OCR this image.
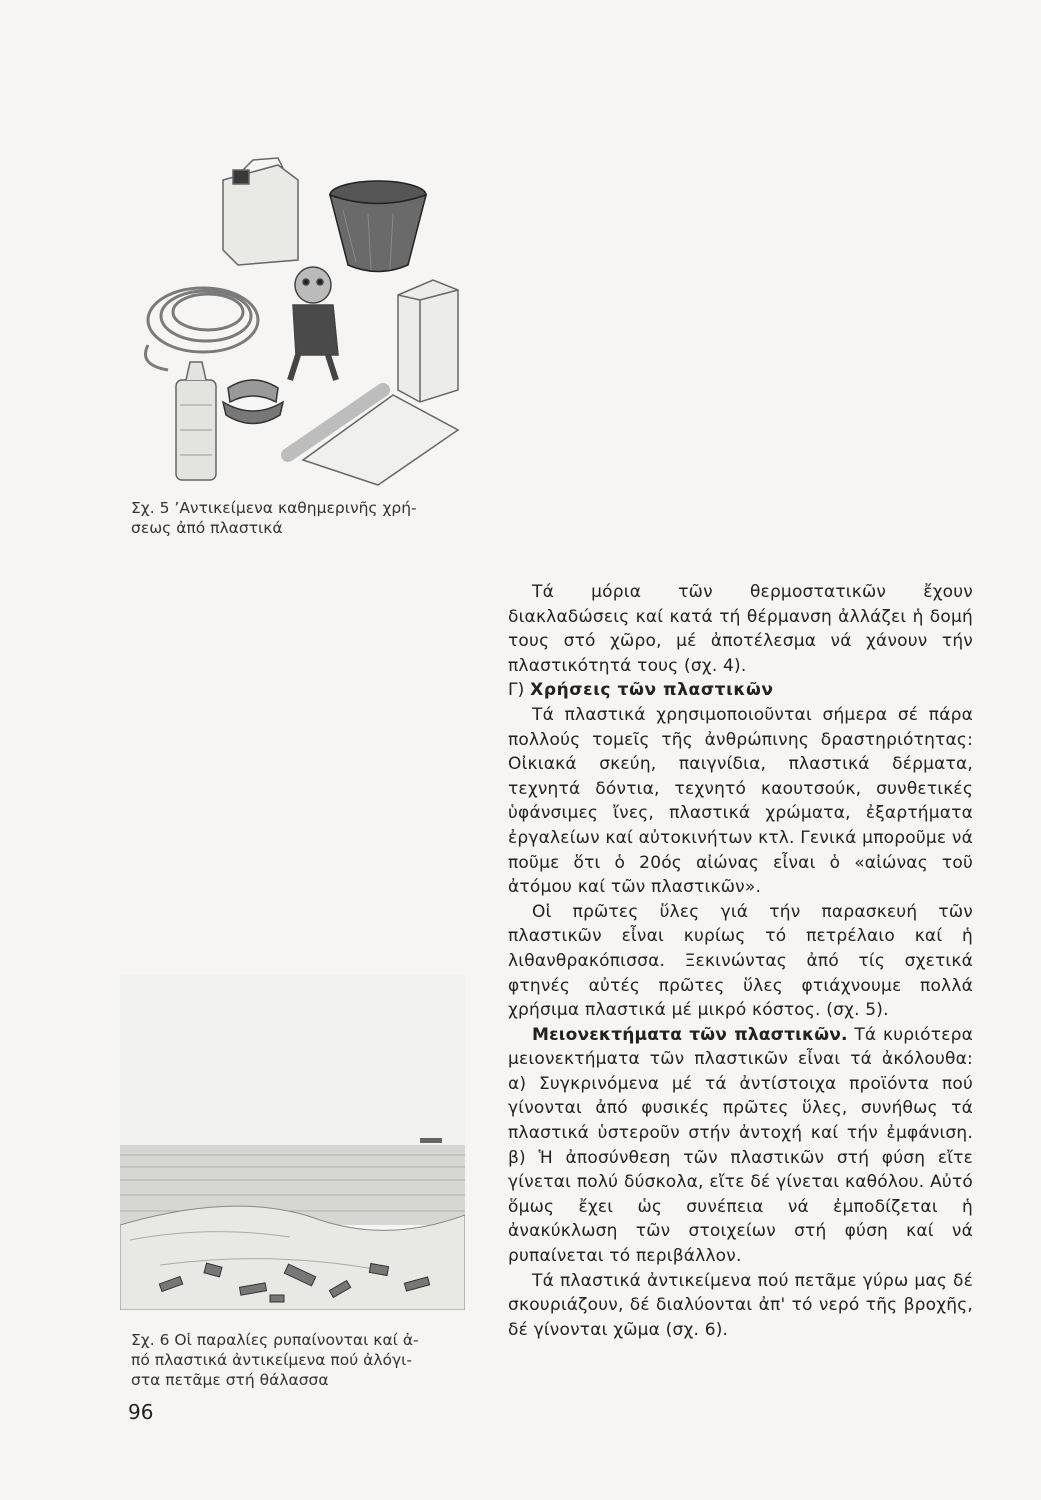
Σχ. 5 ’Αντικείμενα καθημερινῆς χρή-
σεως ἀπό πλαστικά
Σχ. 6 Οἱ παραλίες ρυπαίνονται καί ἀ-
πό πλαστικά ἀντικείμενα πού ἀλόγι-
στα πετᾶμε στή θάλασσα
96

Τά μόρια τῶν θερμοστατικῶν ἔχουν διακλαδώσεις καί κατά τή θέρμανση ἀλλάζει ἡ δομή τους στό χῶρο, μέ ἀποτέλεσμα νά χάνουν τήν πλαστικότητά τους (σχ. 4).

Γ) Χρήσεις τῶν πλαστικῶν

Τά πλαστικά χρησιμοποιοῦνται σήμερα σέ πάρα πολλούς τομεῖς τῆς ἀνθρώπινης δραστηριότητας: Οἰκιακά σκεύη, παιγνίδια, πλαστικά δέρματα, τεχνητά δόντια, τεχνητό καουτσούκ, συνθετικές ὑφάνσιμες ἴνες, πλαστικά χρώματα, ἐξαρτήματα ἐργαλείων καί αὐτοκινήτων κτλ. Γενικά μποροῦμε νά ποῦμε ὅτι ὁ 20ός αἰώνας εἶναι ὁ «αἰώνας τοῦ ἀτόμου καί τῶν πλαστικῶν».

Οἱ πρῶτες ὕλες γιά τήν παρασκευή τῶν πλαστικῶν εἶναι κυρίως τό πετρέλαιο καί ἡ λιθανθρακόπισσα. Ξεκινώντας ἀπό τίς σχετικά φτηνές αὐτές πρῶτες ὕλες φτιάχνουμε πολλά χρήσιμα πλαστικά μέ μικρό κόστος. (σχ. 5).

Μειονεκτήματα τῶν πλαστικῶν. Τά κυριότερα μειονεκτήματα τῶν πλαστικῶν εἶναι τά ἀκόλουθα: α) Συγκρινόμενα μέ τά ἀντίστοιχα προϊόντα πού γίνονται ἀπό φυσικές πρῶτες ὕλες, συνήθως τά πλαστικά ὑστεροῦν στήν ἀντοχή καί τήν ἐμφάνιση. β) Ἡ ἀποσύνθεση τῶν πλαστικῶν στή φύση εἴτε γίνεται πολύ δύσκολα, εἴτε δέ γίνεται καθόλου. Αὐτό ὅμως ἔχει ὡς συνέπεια νά ἐμποδίζεται ἡ ἀνακύκλωση τῶν στοιχείων στή φύση καί νά ρυπαίνεται τό περιβάλλον.

Τά πλαστικά ἀντικείμενα πού πετᾶμε γύρω μας δέ σκουριάζουν, δέ διαλύονται ἀπ' τό νερό τῆς βροχῆς, δέ γίνονται χῶμα (σχ. 6).
